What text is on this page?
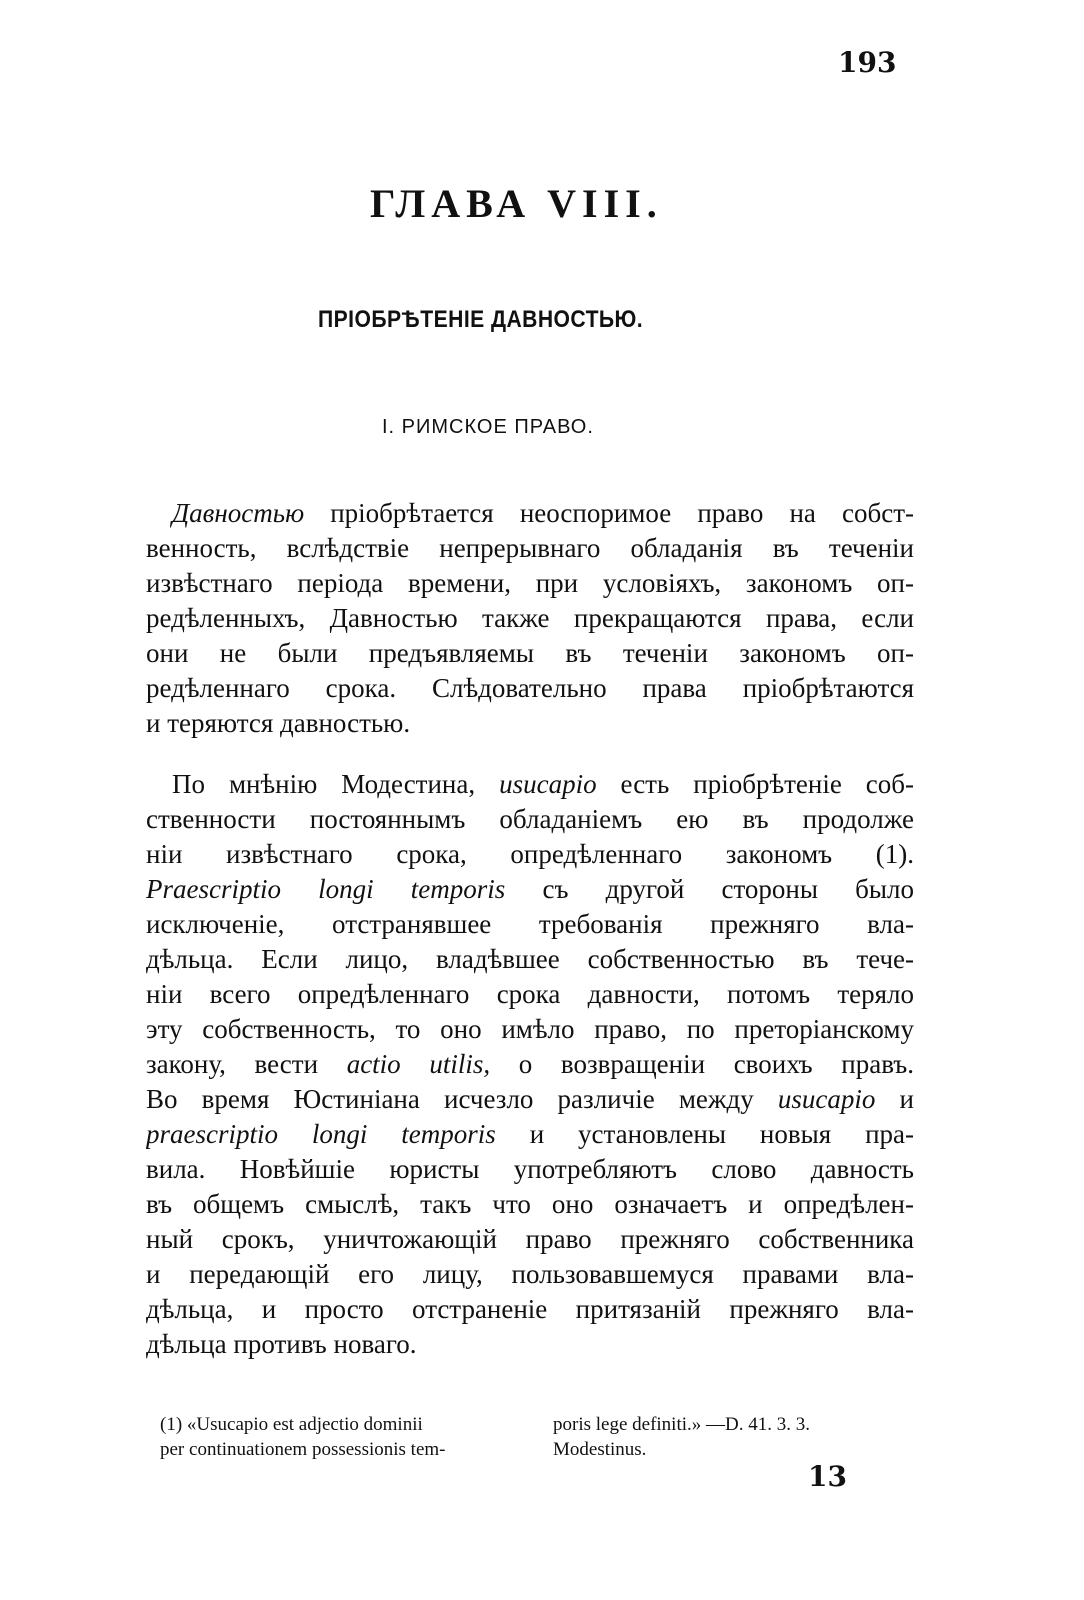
193
ГЛАВА VIII.
ПРІОБРѢТЕНІЕ ДАВНОСТЬЮ.
I. РИМСКОЕ ПРАВО.
Давностью пріобрѣтается неоспоримое право на собст-
венность, вслѣдствіе непрерывнаго обладанія въ теченіи
извѣстнаго періода времени, при условіяхъ, закономъ оп-
редѣленныхъ, Давностью также прекращаются права, если
они не были предъявляемы въ теченіи закономъ оп-
редѣленнаго срока. Слѣдовательно права пріобрѣтаются
и теряются давностью.
По мнѣнію Модестина, usucapio есть пріобрѣтеніе соб-
ственности постояннымъ обладаніемъ ею въ продолже
ніи извѣстнаго срока, опредѣленнаго закономъ (1).
Praescriptio longi temporis съ другой стороны было
исключеніе, отстранявшее требованія прежняго вла-
дѣльца. Если лицо, владѣвшее собственностью въ тече-
ніи всего опредѣленнаго срока давности, потомъ теряло
эту собственность, то оно имѣло право, по преторіанскому
закону, вести actio utilis, о возвращеніи своихъ правъ.
Во время Юстиніана исчезло различіе между usucapio и
praescriptio longi temporis и установлены новыя пра-
вила. Новѣйшіе юристы употребляютъ слово давность
въ общемъ смыслѣ, такъ что оно означаетъ и опредѣлен-
ный срокъ, уничтожающій право прежняго собственника
и передающій его лицу, пользовавшемуся правами вла-
дѣльца, и просто отстраненіе притязаній прежняго вла-
дѣльца противъ новаго.
(1) «Usucapio est adjectio dominii
per continuationem possessionis tem-
poris lege definiti.» —D. 41. 3. 3.
Modestinus.
13
